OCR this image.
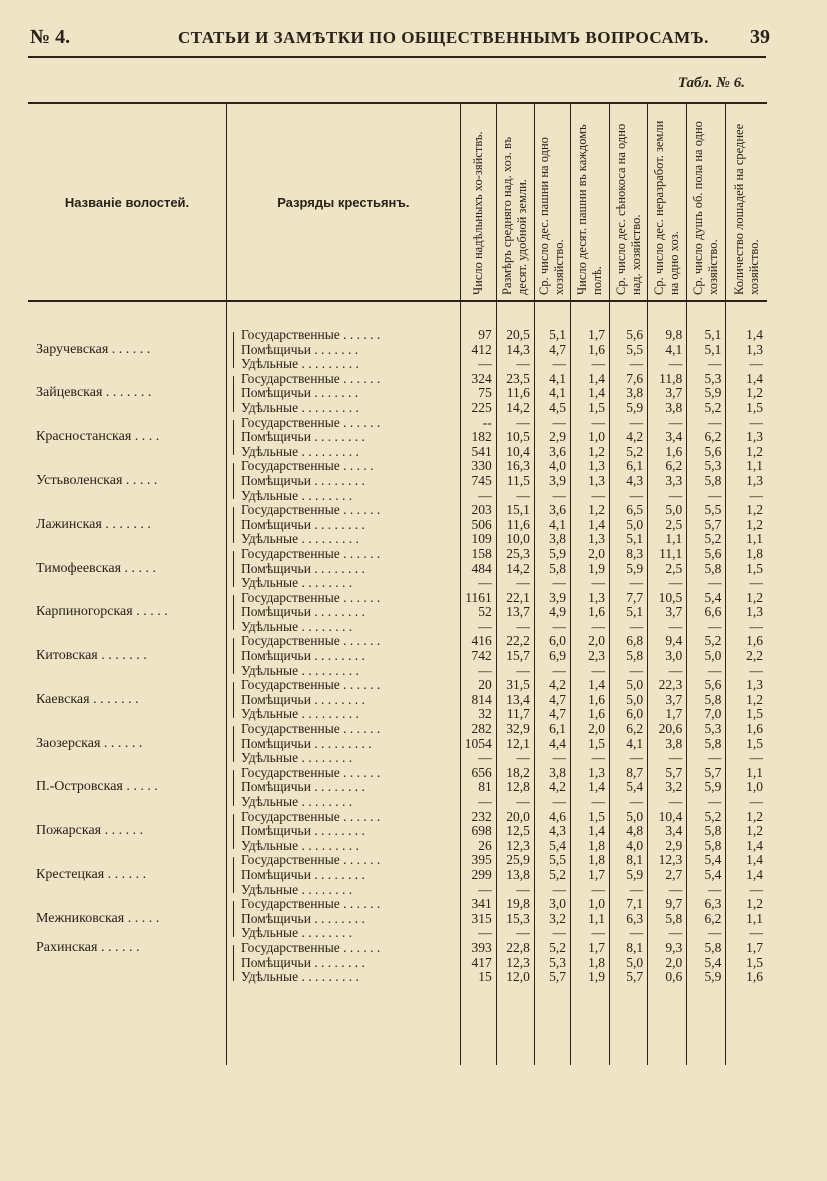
№ 4.	СТАТЬИ И ЗАМѢТКИ ПО ОБЩЕСТВЕННЫМЪ ВОПРОСАМЪ. 39
Табл. № 6.
Названіе волостей.	Разряды крестьянъ.	Число надѣльныхъ хо-зяйствъ.	Размѣръ средняго над. хоз. въ десят. удобной земли.	Ср. число дес. пашни на одно хозяйство.	Число десят. пашни въ каждомъ полѣ.	Ср. число дес. сѣнокоса на одно над. хозяйство.	Ср. число дес. неразработ. земли на одно хоз.	Ср. число душъ об. пола на одно хозяйство.	Количество лошадей на среднее хозяйство.

Государственные . . . . . .	97	20,5	5,1	1,7	5,6	9,8	5,1	1,4
Заручевская . . . . . .	Помѣщичьи . . . . . . .	412	14,3	4,7	1,6	5,5	4,1	5,1	1,3

Удѣльные . . . . . . . . .	—	—	—	—	—	—	—	—

Государственные . . . . . .	324	23,5	4,1	1,4	7,6	11,8	5,3	1,4
Зайцевская . . . . . . .	Помѣщичьи . . . . . . .	75	11,6	4,1	1,4	3,8	3,7	5,9	1,2

Удѣльные . . . . . . . . .	225	14,2	4,5	1,5	5,9	3,8	5,2	1,5

Государственные . . . . . .	--	—	—	—	—	—	—	—
Красностанская . . . .	Помѣщичьи . . . . . . . .	182	10,5	2,9	1,0	4,2	3,4	6,2	1,3

Удѣльные . . . . . . . . .	541	10,4	3,6	1,2	5,2	1,6	5,6	1,2

Государственные . . . . .	330	16,3	4,0	1,3	6,1	6,2	5,3	1,1
Устьволенская . . . . .	Помѣщичьи . . . . . . . .	745	11,5	3,9	1,3	4,3	3,3	5,8	1,3

Удѣльные . . . . . . . .	—	—	—	—	—	—	—	—

Государственные . . . . . .	203	15,1	3,6	1,2	6,5	5,0	5,5	1,2
Лажинская . . . . . . .	Помѣщичьи . . . . . . . .	506	11,6	4,1	1,4	5,0	2,5	5,7	1,2

Удѣльные . . . . . . . . .	109	10,0	3,8	1,3	5,1	1,1	5,2	1,1

Государственные . . . . . .	158	25,3	5,9	2,0	8,3	11,1	5,6	1,8
Тимофеевская . . . . .	Помѣщичьи . . . . . . . .	484	14,2	5,8	1,9	5,9	2,5	5,8	1,5

Удѣльные . . . . . . . .	—	—	—	—	—	—	—	—

Государственные . . . . . .	1161	22,1	3,9	1,3	7,7	10,5	5,4	1,2
Карпиногорская . . . . .	Помѣщичьи . . . . . . . .	52	13,7	4,9	1,6	5,1	3,7	6,6	1,3

Удѣльные . . . . . . . .	—	—	—	—	—	—	—	—

Государственные . . . . . .	416	22,2	6,0	2,0	6,8	9,4	5,2	1,6
Китовская . . . . . . .	Помѣщичьи . . . . . . . .	742	15,7	6,9	2,3	5,8	3,0	5,0	2,2

Удѣльные . . . . . . . . .	—	—	—	—	—	—	—	—

Государственные . . . . . .	20	31,5	4,2	1,4	5,0	22,3	5,6	1,3
Каевская . . . . . . .	Помѣщичьи . . . . . . . .	814	13,4	4,7	1,6	5,0	3,7	5,8	1,2

Удѣльные . . . . . . . . .	32	11,7	4,7	1,6	6,0	1,7	7,0	1,5

Государственные . . . . . .	282	32,9	6,1	2,0	6,2	20,6	5,3	1,6
Заозерская . . . . . .	Помѣщичьи . . . . . . . . .	1054	12,1	4,4	1,5	4,1	3,8	5,8	1,5

Удѣльные . . . . . . . .	—	—	—	—	—	—	—	—

Государственные . . . . . .	656	18,2	3,8	1,3	8,7	5,7	5,7	1,1
П.-Островская . . . . .	Помѣщичьи . . . . . . . .	81	12,8	4,2	1,4	5,4	3,2	5,9	1,0

Удѣльные . . . . . . . .	—	—	—	—	—	—	—	—

Государственные . . . . . .	232	20,0	4,6	1,5	5,0	10,4	5,2	1,2
Пожарская . . . . . .	Помѣщичьи . . . . . . . .	698	12,5	4,3	1,4	4,8	3,4	5,8	1,2

Удѣльные . . . . . . . . .	26	12,3	5,4	1,8	4,0	2,9	5,8	1,4

Государственные . . . . . .	395	25,9	5,5	1,8	8,1	12,3	5,4	1,4
Крестецкая . . . . . .	Помѣщичьи . . . . . . . .	299	13,8	5,2	1,7	5,9	2,7	5,4	1,4

Удѣльные . . . . . . . .	—	—	—	—	—	—	—	—

Государственные . . . . . .	341	19,8	3,0	1,0	7,1	9,7	6,3	1,2
Межниковская . . . . .	Помѣщичьи . . . . . . . .	315	15,3	3,2	1,1	6,3	5,8	6,2	1,1

Удѣльные . . . . . . . .	—	—	—	—	—	—	—	—
Рахинская . . . . . .	Государственные . . . . . .	393	22,8	5,2	1,7	8,1	9,3	5,8	1,7

Помѣщичьи . . . . . . . .	417	12,3	5,3	1,8	5,0	2,0	5,4	1,5

Удѣльные . . . . . . . . .	15	12,0	5,7	1,9	5,7	0,6	5,9	1,6
